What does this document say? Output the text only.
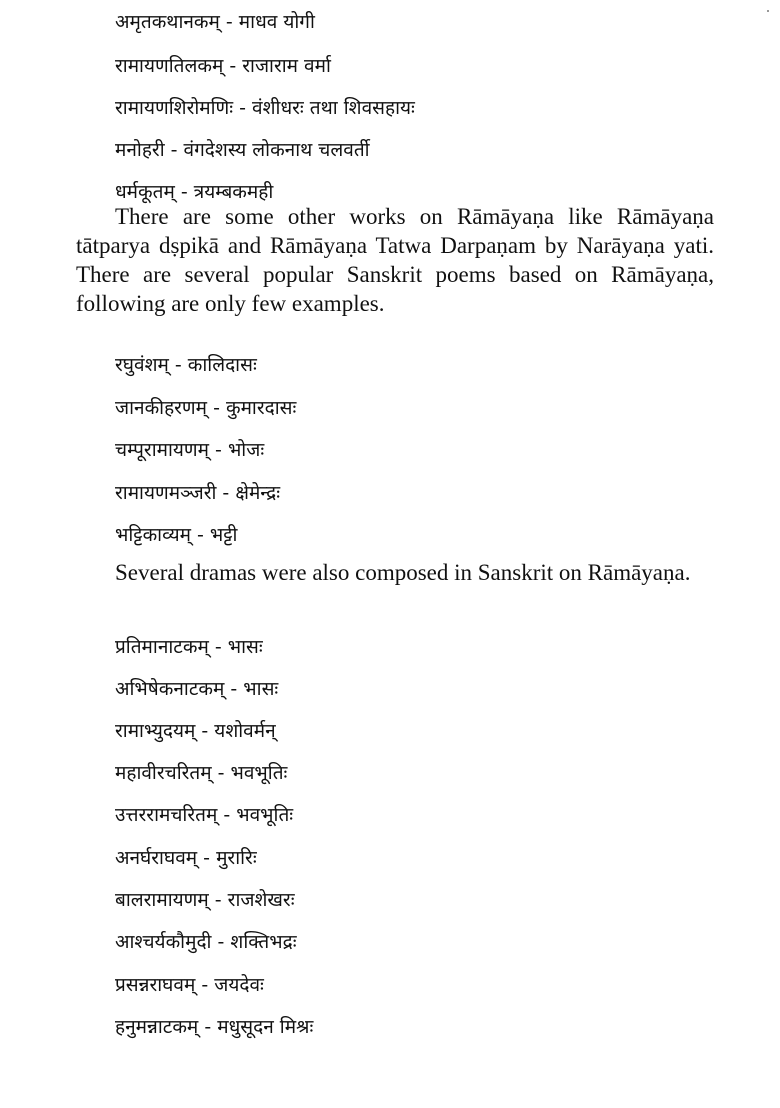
अमृतकथानकम् - माधव योगी
रामायणतिलकम् - राजाराम वर्मा
रामायणशिरोमणिः - वंशीधरः तथा शिवसहायः
मनोहरी - वंगदेशस्य लोकनाथ चलवर्ती
धर्मकूतम् - त्रयम्बकमही

There are some other works on Rāmāyaṇa like Rāmāyaṇa tātparya dṣpikā and Rāmāyaṇa Tatwa Darpaṇam by Narāyaṇa yati. There are several popular Sanskrit poems based on Rāmāyaṇa, following are only few examples.

रघुवंशम् - कालिदासः
जानकीहरणम् - कुमारदासः
चम्पूरामायणम् - भोजः
रामायणमञ्जरी - क्षेमेन्द्रः
भट्टिकाव्यम् - भट्टी

Several dramas were also composed in Sanskrit on Rāmāyaṇa.

प्रतिमानाटकम् - भासः
अभिषेकनाटकम् - भासः
रामाभ्युदयम् - यशोवर्मन्
महावीरचरितम् - भवभूतिः
उत्तररामचरितम् - भवभूतिः
अनर्घराघवम् - मुरारिः
बालरामायणम् - राजशेखरः
आश्चर्यकौमुदी - शक्तिभद्रः
प्रसन्नराघवम् - जयदेवः
हनुमन्नाटकम् - मधुसूदन मिश्रः
